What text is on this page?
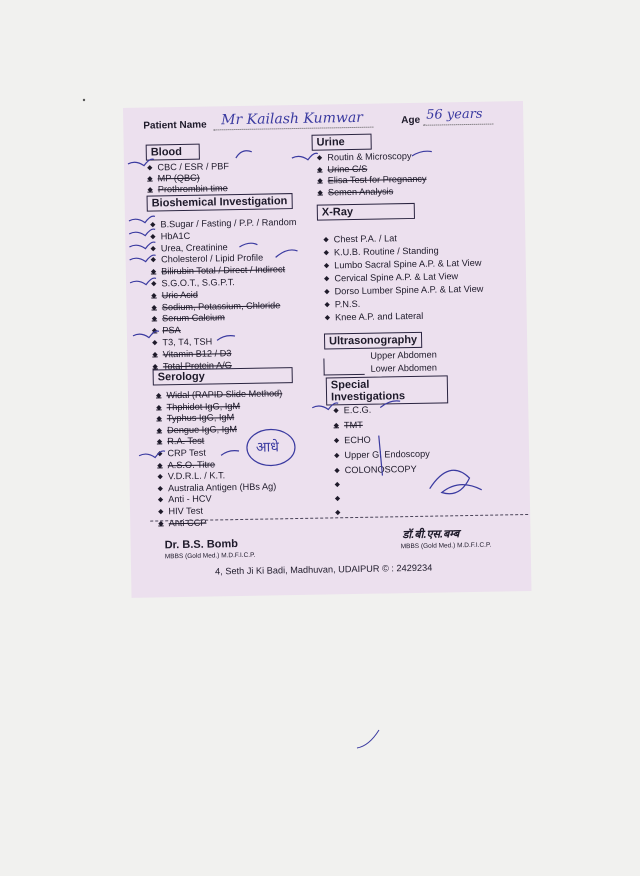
Patient Name Mr Kailash Kumwar	Age 56 years
Blood
◆ CBC / ESR / PBF
◆ MP (QBC)
◆ Prothrombin time
Bioshemical Investigation
◆ B.Sugar / Fasting / P.P. / Random
◆ HbA1C
◆ Urea, Creatinine
◆ Cholesterol / Lipid Profile
◆ Bilirubin Total / Direct / Indirect
◆ S.G.O.T., S.G.P.T.
◆ Uric Acid
◆ Sodium, Potassium, Chloride
◆ Serum Calcium
◆ PSA
◆ T3, T4, TSH
◆ Vitamin B12 / D3
◆ Total Protein A/G
Serology
◆ Widal (RAPID Slide Method)
◆ Thphidot IgG, IgM
◆ Typhus IgG, IgM
◆ Dengue IgG, IgM
◆ R.A. Test
◆ CRP Test
◆ A.S.O. Titre
◆ V.D.R.L. / K.T.
◆ Australia Antigen (HBs Ag)
◆ Anti - HCV
◆ HIV Test
◆ Anti CCP
Urine
◆ Routin & Microscopy
◆ Urine C/S
◆ Elisa Test for Pregnancy
◆ Semen Analysis
X-Ray
◆ Chest P.A. / Lat
◆ K.U.B. Routine / Standing
◆ Lumbo Sacral Spine A.P. & Lat View
◆ Cervical Spine A.P. & Lat View
◆ Dorso Lumber Spine A.P. & Lat View
◆ P.N.S.
◆ Knee A.P. and Lateral
Ultrasonography
Upper Abdomen
Lower Abdomen
Special Investigations
◆ E.C.G.
◆ TMT
◆ ECHO
◆ Upper GI Endoscopy
◆ COLONOSCOPY
◆
◆
◆
Dr. B.S. Bomb
MBBS (Gold Med.) M.D.F.I.C.P.
डॉ.बी.एस.बम्ब
MBBS (Gold Med.) M.D.F.I.C.P.
4, Seth Ji Ki Badi, Madhuvan, UDAIPUR © : 2429234
आधे
